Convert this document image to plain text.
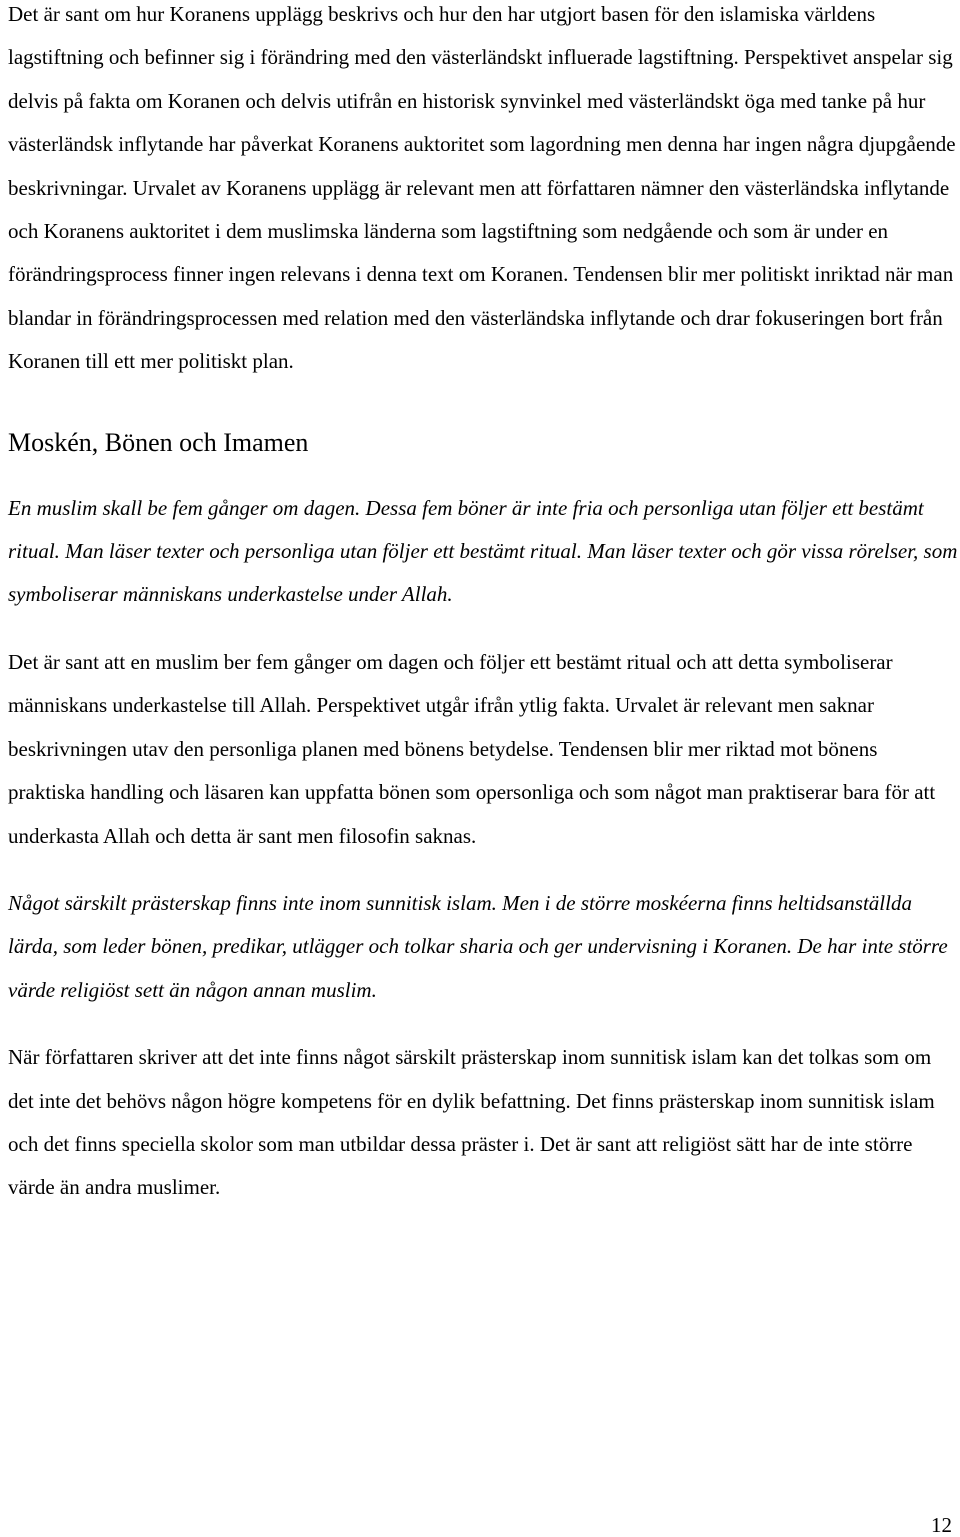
Det är sant om hur Koranens upplägg beskrivs och hur den har utgjort basen för den islamiska världens lagstiftning och befinner sig i förändring med den västerländskt influerade lagstiftning. Perspektivet anspelar sig delvis på fakta om Koranen och delvis utifrån en historisk synvinkel med västerländskt öga med tanke på hur västerländsk inflytande har påverkat Koranens auktoritet som lagordning men denna har ingen några djupgående beskrivningar. Urvalet av Koranens upplägg är relevant men att författaren nämner den västerländska inflytande och Koranens auktoritet i dem muslimska länderna som lagstiftning som nedgående och som är under en förändringsprocess finner ingen relevans i denna text om Koranen. Tendensen blir mer politiskt inriktad när man blandar in förändringsprocessen med relation med den västerländska inflytande och drar fokuseringen bort från Koranen till ett mer politiskt plan.

Moskén, Bönen och Imamen

En muslim skall be fem gånger om dagen. Dessa fem böner är inte fria och personliga utan följer ett bestämt ritual. Man läser texter och personliga utan följer ett bestämt ritual. Man läser texter och gör vissa rörelser, som symboliserar människans underkastelse under Allah.

Det är sant att en muslim ber fem gånger om dagen och följer ett bestämt ritual och att detta symboliserar människans underkastelse till Allah. Perspektivet utgår ifrån ytlig fakta. Urvalet är relevant men saknar beskrivningen utav den personliga planen med bönens betydelse. Tendensen blir mer riktad mot bönens praktiska handling och läsaren kan uppfatta bönen som opersonliga och som något man praktiserar bara för att underkasta Allah och detta är sant men filosofin saknas.

Något särskilt prästerskap finns inte inom sunnitisk islam. Men i de större moskéerna finns heltidsanställda lärda, som leder bönen, predikar, utlägger och tolkar sharia och ger undervisning i Koranen. De har inte större värde religiöst sett än någon annan muslim.

När författaren skriver att det inte finns något särskilt prästerskap inom sunnitisk islam kan det tolkas som om det inte det behövs någon högre kompetens för en dylik befattning. Det finns prästerskap inom sunnitisk islam och det finns speciella skolor som man utbildar dessa präster i. Det är sant att religiöst sätt har de inte större värde än andra muslimer.

12
